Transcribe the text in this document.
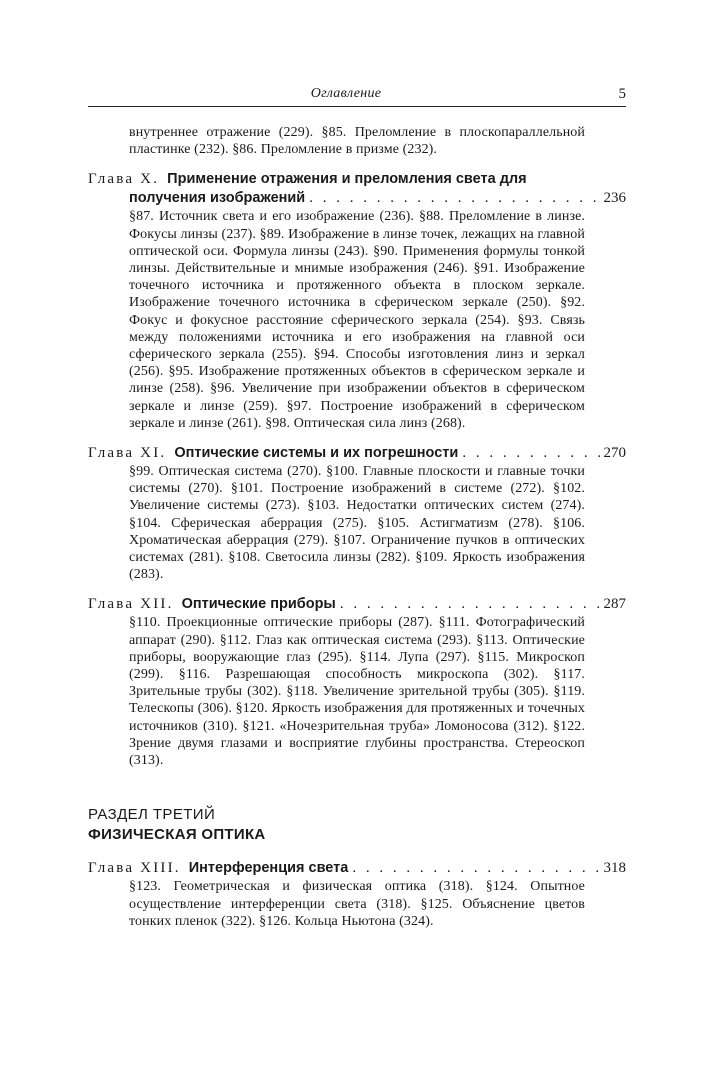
Оглавление	5
внутреннее отражение (229). §85. Преломление в плоскопараллельной пластинке (232). §86. Преломление в призме (232).
Глава X. Применение отражения и преломления света для
получения изображений . . .	236
§87. Источник света и его изображение (236). §88. Преломление в линзе. Фокусы линзы (237). §89. Изображение в линзе точек, лежащих на главной оптической оси. Формула линзы (243). §90. Применения формулы тонкой линзы. Действительные и мнимые изображения (246). §91. Изображение точечного источника и протяженного объекта в плоском зеркале. Изображение точечного источника в сферическом зеркале (250). §92. Фокус и фокусное расстояние сферического зеркала (254). §93. Связь между положениями источника и его изображения на главной оси сферического зеркала (255). §94. Способы изготовления линз и зеркал (256). §95. Изображение протяженных объектов в сферическом зеркале и линзе (258). §96. Увеличение при изображении объектов в сферическом зеркале и линзе (259). §97. Построение изображений в сферическом зеркале и линзе (261). §98. Оптическая сила линз (268).
Глава XI. Оптические системы и их погрешности . . .	270
§99. Оптическая система (270). §100. Главные плоскости и главные точки системы (270). §101. Построение изображений в системе (272). §102. Увеличение системы (273). §103. Недостатки оптических систем (274). §104. Сферическая аберрация (275). §105. Астигматизм (278). §106. Хроматическая аберрация (279). §107. Ограничение пучков в оптических системах (281). §108. Светосила линзы (282). §109. Яркость изображения (283).
Глава XII. Оптические приборы . . .	287
§110. Проекционные оптические приборы (287). §111. Фотографический аппарат (290). §112. Глаз как оптическая система (293). §113. Оптические приборы, вооружающие глаз (295). §114. Лупа (297). §115. Микроскоп (299). §116. Разрешающая способность микроскопа (302). §117. Зрительные трубы (302). §118. Увеличение зрительной трубы (305). §119. Телескопы (306). §120. Яркость изображения для протяженных и точечных источников (310). §121. «Ночезрительная труба» Ломоносова (312). §122. Зрение двумя глазами и восприятие глубины пространства. Стереоскоп (313).
РАЗДЕЛ ТРЕТИЙ
ФИЗИЧЕСКАЯ ОПТИКА
Глава XIII. Интерференция света . . .	318
§123. Геометрическая и физическая оптика (318). §124. Опытное осуществление интерференции света (318). §125. Объяснение цветов тонких пленок (322). §126. Кольца Ньютона (324).
